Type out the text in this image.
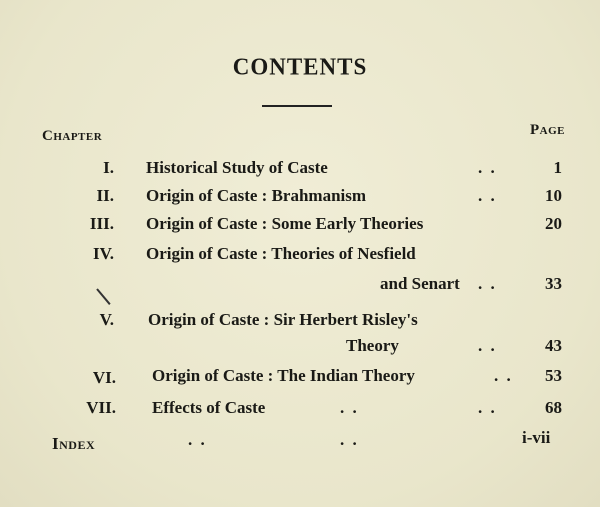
CONTENTS
Chapter	Page
I. Historical Study of Caste	. .	1
II. Origin of Caste : Brahmanism	. .	10
III. Origin of Caste : Some Early Theories	20
IV. Origin of Caste : Theories of Nesfield
and Senart . .	33
V. Origin of Caste : Sir Herbert Risley's
Theory	. .	43
VI. Origin of Caste : The Indian Theory	. .	53
VII. Effects of Caste	. .	. .	68
Index	. .	. .	i-vii
